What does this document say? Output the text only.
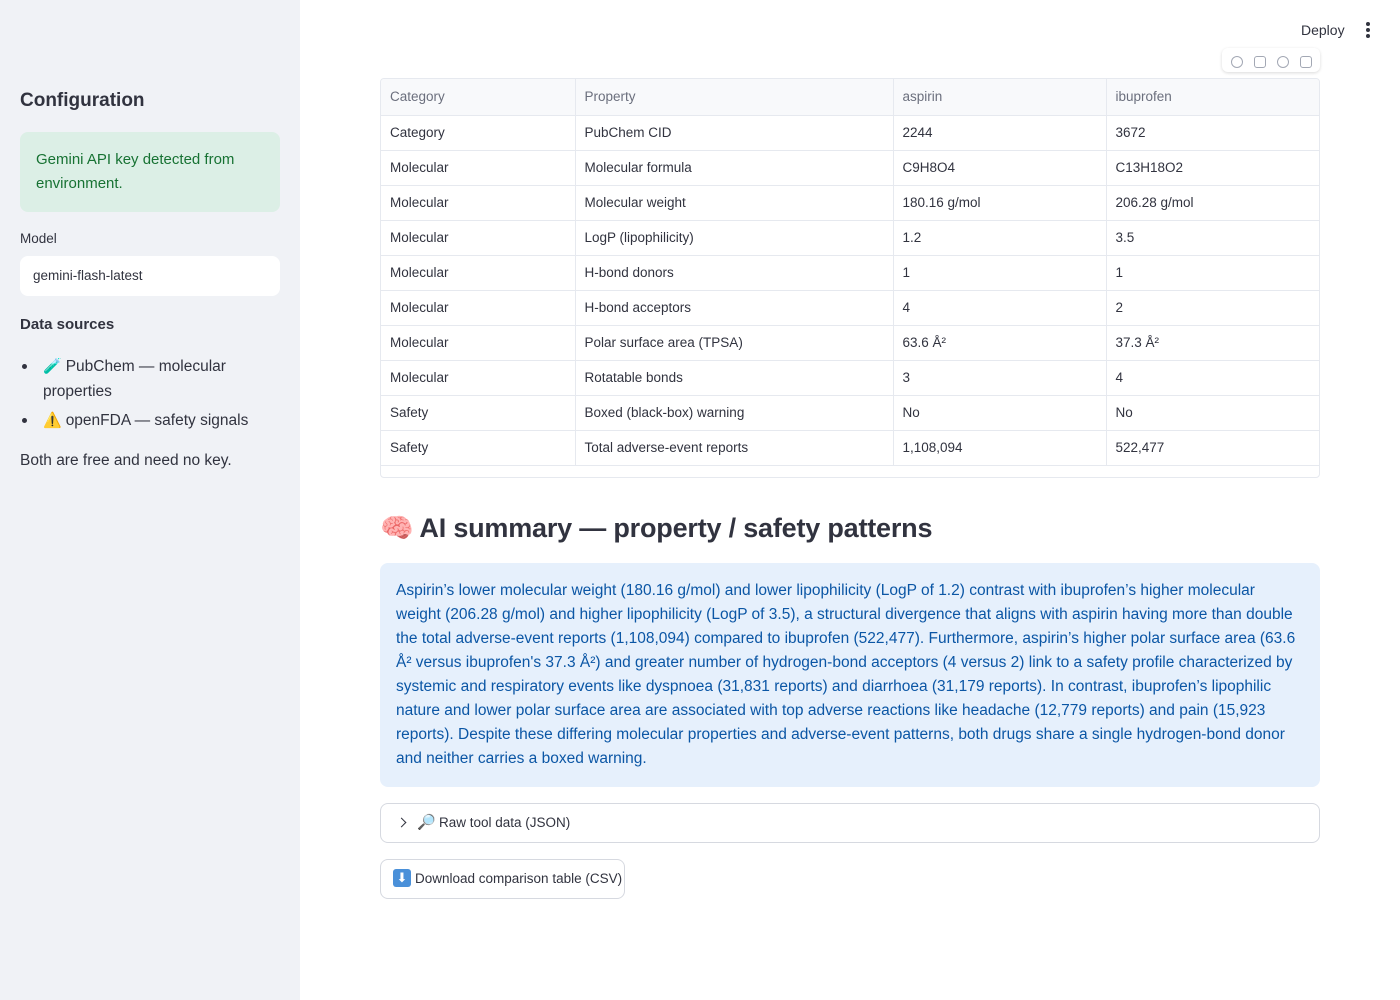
Configuration
Gemini API key detected from environment.
Model
gemini-flash-latest
Data sources
🧪 PubChem — molecular properties
⚠️ openFDA — safety signals
Both are free and need no key.
Deploy
Category	Property	aspirin	ibuprofen
Category	PubChem CID	2244	3672
Molecular	Molecular formula	C9H8O4	C13H18O2
Molecular	Molecular weight	180.16 g/mol	206.28 g/mol
Molecular	LogP (lipophilicity)	1.2	3.5
Molecular	H-bond donors	1	1
Molecular	H-bond acceptors	4	2
Molecular	Polar surface area (TPSA)	63.6 Å²	37.3 Å²
Molecular	Rotatable bonds	3	4
Safety	Boxed (black-box) warning	No	No
Safety	Total adverse-event reports	1,108,094	522,477
🧠 AI summary — property / safety patterns
Aspirin’s lower molecular weight (180.16 g/mol) and lower lipophilicity (LogP of 1.2) contrast with ibuprofen’s higher molecular weight (206.28 g/mol) and higher lipophilicity (LogP of 3.5), a structural divergence that aligns with aspirin having more than double the total adverse-event reports (1,108,094) compared to ibuprofen (522,477). Furthermore, aspirin’s higher polar surface area (63.6 Å² versus ibuprofen's 37.3 Å²) and greater number of hydrogen-bond acceptors (4 versus 2) link to a safety profile characterized by systemic and respiratory events like dyspnoea (31,831 reports) and diarrhoea (31,179 reports). In contrast, ibuprofen’s lipophilic nature and lower polar surface area are associated with top adverse reactions like headache (12,779 reports) and pain (15,923 reports). Despite these differing molecular properties and adverse-event patterns, both drugs share a single hydrogen-bond donor and neither carries a boxed warning.
🔎 Raw tool data (JSON)
⬇ Download comparison table (CSV)
